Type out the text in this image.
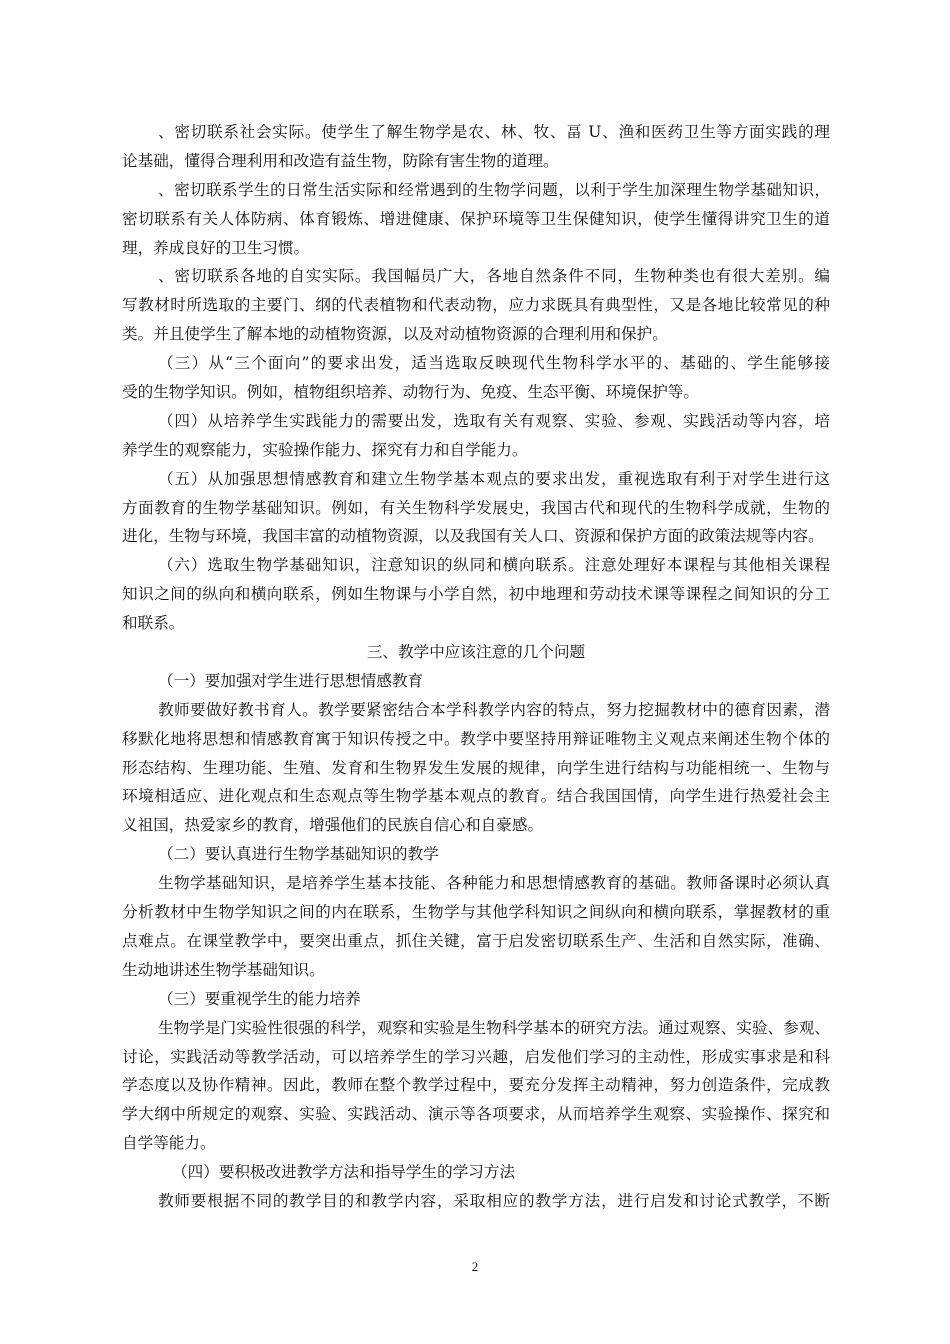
、密切联系社会实际。使学生了解生物学是农、林、牧、畐 U、渔和医药卫生等方面实践的理
论基础，懂得合理利用和改造有益生物，防除有害生物的道理。
、密切联系学生的日常生活实际和经常遇到的生物学问题，以利于学生加深理生物学基础知识，
密切联系有关人体防病、体育锻炼、增进健康、保护环境等卫生保健知识，使学生懂得讲究卫生的道
理，养成良好的卫生习惯。
、密切联系各地的自实实际。我国幅员广大，各地自然条件不同，生物种类也有很大差别。编
写教材时所选取的主要门、纲的代表植物和代表动物，应力求既具有典型性，又是各地比较常见的种
类。并且使学生了解本地的动植物资源，以及对动植物资源的合理利用和保护。
（三）从“三个面向”的要求出发，适当选取反映现代生物科学水平的、基础的、学生能够接
受的生物学知识。例如，植物组织培养、动物行为、免疫、生态平衡、环境保护等。
（四）从培养学生实践能力的需要出发，选取有关有观察、实验、参观、实践活动等内容，培
养学生的观察能力，实验操作能力、探究有力和自学能力。
（五）从加强思想情感教育和建立生物学基本观点的要求出发，重视选取有利于对学生进行这
方面教育的生物学基础知识。例如，有关生物科学发展史，我国古代和现代的生物科学成就，生物的
进化，生物与环境，我国丰富的动植物资源，以及我国有关人口、资源和保护方面的政策法规等内容。
（六）选取生物学基础知识，注意知识的纵同和横向联系。注意处理好本课程与其他相关课程
知识之间的纵向和横向联系，例如生物课与小学自然，初中地理和劳动技术课等课程之间知识的分工
和联系。
三、教学中应该注意的几个问题
（一）要加强对学生进行思想情感教育
教师要做好教书育人。教学要紧密结合本学科教学内容的特点，努力挖掘教材中的德育因素，潜
移默化地将思想和情感教育寓于知识传授之中。教学中要坚持用辩证唯物主义观点来阐述生物个体的
形态结构、生理功能、生殖、发育和生物界发生发展的规律，向学生进行结构与功能相统一、生物与
环境相适应、进化观点和生态观点等生物学基本观点的教育。结合我国国情，向学生进行热爱社会主
义祖国，热爱家乡的教育，增强他们的民族自信心和自豪感。
（二）要认真进行生物学基础知识的教学
生物学基础知识，是培养学生基本技能、各种能力和思想情感教育的基础。教师备课时必须认真
分析教材中生物学知识之间的内在联系，生物学与其他学科知识之间纵向和横向联系，掌握教材的重
点难点。在课堂教学中，要突出重点，抓住关键，富于启发密切联系生产、生活和自然实际，准确、
生动地讲述生物学基础知识。
（三）要重视学生的能力培养
生物学是门实验性很强的科学，观察和实验是生物科学基本的研究方法。通过观察、实验、参观、
讨论，实践活动等教学活动，可以培养学生的学习兴趣，启发他们学习的主动性，形成实事求是和科
学态度以及协作精神。因此，教师在整个教学过程中，要充分发挥主动精神，努力创造条件，完成教
学大纲中所规定的观察、实验、实践活动、演示等各项要求，从而培养学生观察、实验操作、探究和
自学等能力。
（四）要积极改进教学方法和指导学生的学习方法
教师要根据不同的教学目的和教学内容，采取相应的教学方法，进行启发和讨论式教学，不断
2
